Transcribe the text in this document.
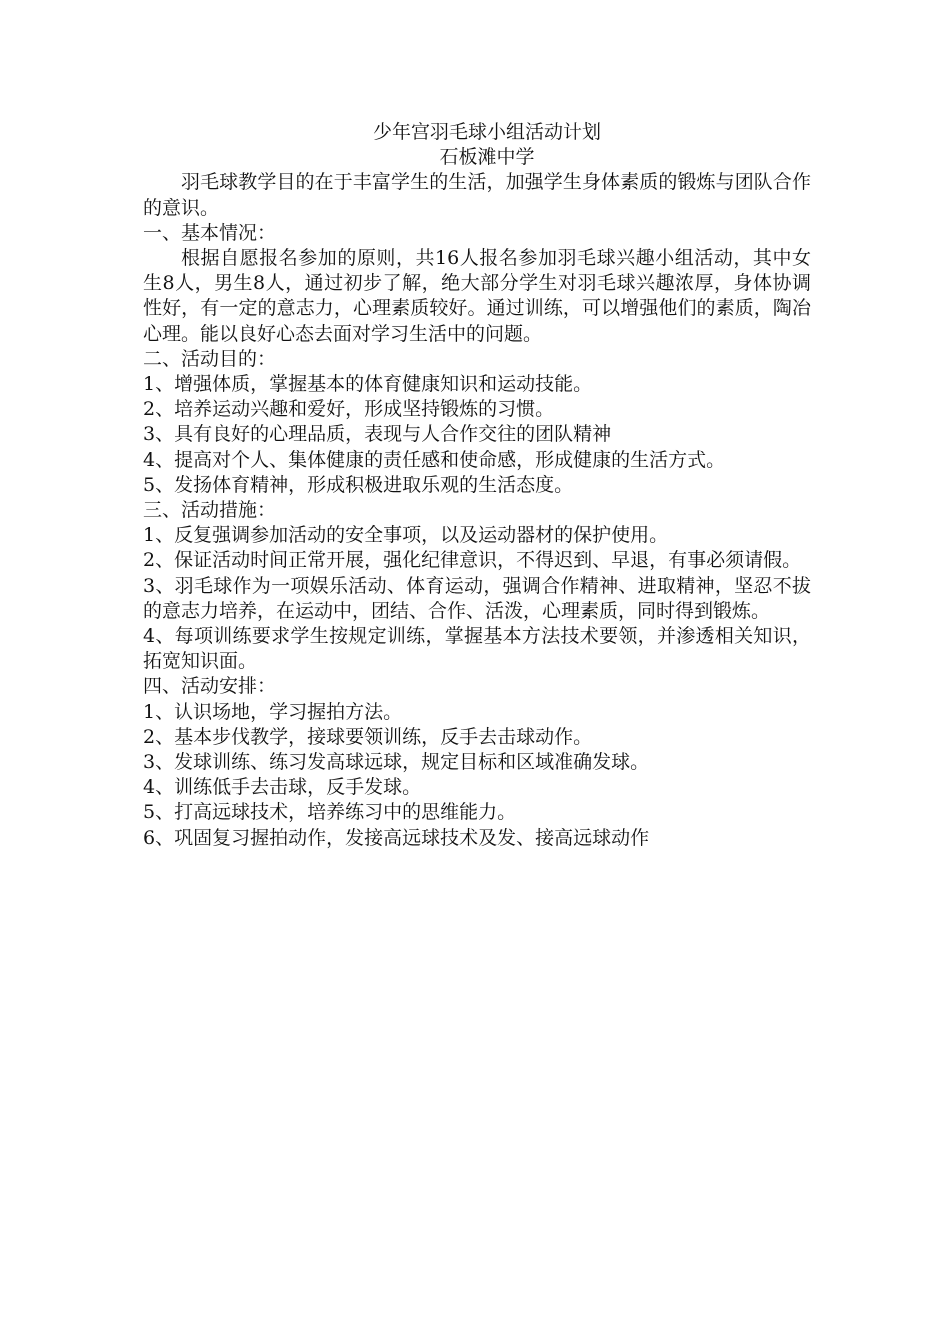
少年宫羽毛球小组活动计划
石板滩中学

羽毛球教学目的在于丰富学生的生活，加强学生身体素质的锻炼与团队合作的意识。

一、基本情况：

根据自愿报名参加的原则，共16人报名参加羽毛球兴趣小组活动，其中女生8人，男生8人，通过初步了解，绝大部分学生对羽毛球兴趣浓厚，身体协调性好，有一定的意志力，心理素质较好。通过训练，可以增强他们的素质，陶冶心理。能以良好心态去面对学习生活中的问题。

二、活动目的：

1、增强体质，掌握基本的体育健康知识和运动技能。
2、培养运动兴趣和爱好，形成坚持锻炼的习惯。
3、具有良好的心理品质，表现与人合作交往的团队精神
4、提高对个人、集体健康的责任感和使命感，形成健康的生活方式。
5、发扬体育精神，形成积极进取乐观的生活态度。

三、活动措施：

1、反复强调参加活动的安全事项，以及运动器材的保护使用。
2、保证活动时间正常开展，强化纪律意识，不得迟到、早退，有事必须请假。
3、羽毛球作为一项娱乐活动、体育运动，强调合作精神、进取精神，坚忍不拔的意志力培养，在运动中，团结、合作、活泼，心理素质，同时得到锻炼。
4、每项训练要求学生按规定训练，掌握基本方法技术要领，并渗透相关知识，拓宽知识面。

四、活动安排：

1、认识场地，学习握拍方法。
2、基本步伐教学，接球要领训练，反手去击球动作。
3、发球训练、练习发高球远球，规定目标和区域准确发球。
4、训练低手去击球，反手发球。
5、打高远球技术，培养练习中的思维能力。
6、巩固复习握拍动作，发接高远球技术及发、接高远球动作
